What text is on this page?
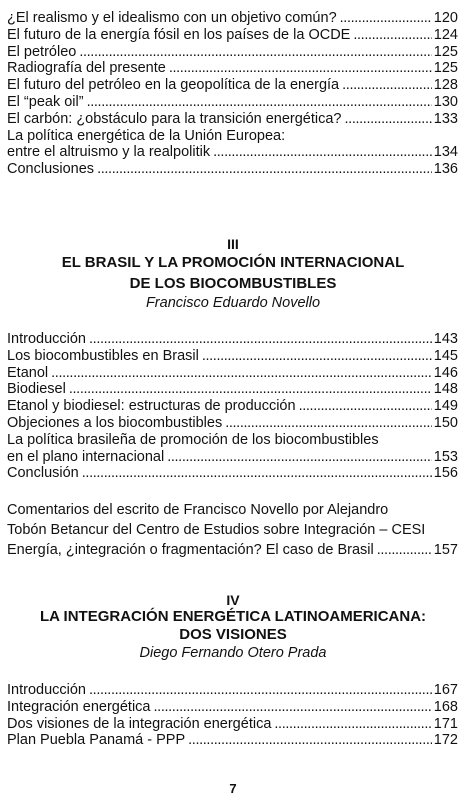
¿El realismo y el idealismo con un objetivo común? . . .	120
El futuro de la energía fósil en los países de la OCDE . . .	124
El petróleo . . .	125
Radiografía del presente . . .	125
El futuro del petróleo en la geopolítica de la energía . . .	128
El “peak oil” . . .	130
El carbón: ¿obstáculo para la transición energética? . . .	133
La política energética de la Unión Europea:
entre el altruismo y la realpolitik . . .	134
Conclusiones . . .	136
III
EL BRASIL Y LA PROMOCIÓN INTERNACIONAL
DE LOS BIOCOMBUSTIBLES
Francisco Eduardo Novello
Introducción . . .	143
Los biocombustibles en Brasil . . .	145
Etanol . . .	146
Biodiesel . . .	148
Etanol y biodiesel: estructuras de producción . . .	149
Objeciones a los biocombustibles . . .	150
La política brasileña de promoción de los biocombustibles
en el plano internacional . . .	153
Conclusión . . .	156
Comentarios del escrito de Francisco Novello por Alejandro
Tobón Betancur del Centro de Estudios sobre Integración – CESI
Energía, ¿integración o fragmentación? El caso de Brasil . . .	157
IV
LA INTEGRACIÓN ENERGÉTICA LATINOAMERICANA:
DOS VISIONES
Diego Fernando Otero Prada
Introducción . . .	167
Integración energética . . .	168
Dos visiones de la integración energética . . .	171
Plan Puebla Panamá - PPP . . .	172
7
